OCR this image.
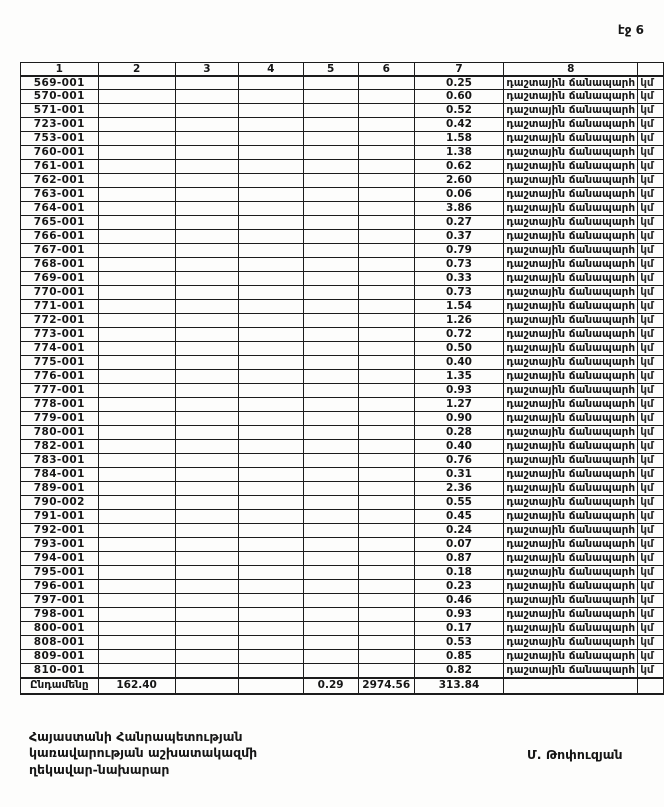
էջ 6
1	2	3	4	5	6	7	8	
569-001						0.25	դաշտային ճանապարհ	կմ
570-001						0.60	դաշտային ճանապարհ	կմ
571-001						0.52	դաշտային ճանապարհ	կմ
723-001						0.42	դաշտային ճանապարհ	կմ
753-001						1.58	դաշտային ճանապարհ	կմ
760-001						1.38	դաշտային ճանապարհ	կմ
761-001						0.62	դաշտային ճանապարհ	կմ
762-001						2.60	դաշտային ճանապարհ	կմ
763-001						0.06	դաշտային ճանապարհ	կմ
764-001						3.86	դաշտային ճանապարհ	կմ
765-001						0.27	դաշտային ճանապարհ	կմ
766-001						0.37	դաշտային ճանապարհ	կմ
767-001						0.79	դաշտային ճանապարհ	կմ
768-001						0.73	դաշտային ճանապարհ	կմ
769-001						0.33	դաշտային ճանապարհ	կմ
770-001						0.73	դաշտային ճանապարհ	կմ
771-001						1.54	դաշտային ճանապարհ	կմ
772-001						1.26	դաշտային ճանապարհ	կմ
773-001						0.72	դաշտային ճանապարհ	կմ
774-001						0.50	դաշտային ճանապարհ	կմ
775-001						0.40	դաշտային ճանապարհ	կմ
776-001						1.35	դաշտային ճանապարհ	կմ
777-001						0.93	դաշտային ճանապարհ	կմ
778-001						1.27	դաշտային ճանապարհ	կմ
779-001						0.90	դաշտային ճանապարհ	կմ
780-001						0.28	դաշտային ճանապարհ	կմ
782-001						0.40	դաշտային ճանապարհ	կմ
783-001						0.76	դաշտային ճանապարհ	կմ
784-001						0.31	դաշտային ճանապարհ	կմ
789-001						2.36	դաշտային ճանապարհ	կմ
790-002						0.55	դաշտային ճանապարհ	կմ
791-001						0.45	դաշտային ճանապարհ	կմ
792-001						0.24	դաշտային ճանապարհ	կմ
793-001						0.07	դաշտային ճանապարհ	կմ
794-001						0.87	դաշտային ճանապարհ	կմ
795-001						0.18	դաշտային ճանապարհ	կմ
796-001						0.23	դաշտային ճանապարհ	կմ
797-001						0.46	դաշտային ճանապարհ	կմ
798-001						0.93	դաշտային ճանապարհ	կմ
800-001						0.17	դաշտային ճանապարհ	կմ
808-001						0.53	դաշտային ճանապարհ	կմ
809-001						0.85	դաշտային ճանապարհ	կմ
810-001						0.82	դաշտային ճանապարհ	կմ
Ընդամենը	162.40			0.29	2974.56	313.84		
Հայաստանի Հանրապետության
կառավարության աշխատակազմի
ղեկավար-նախարար
Մ. Թոփուզյան
